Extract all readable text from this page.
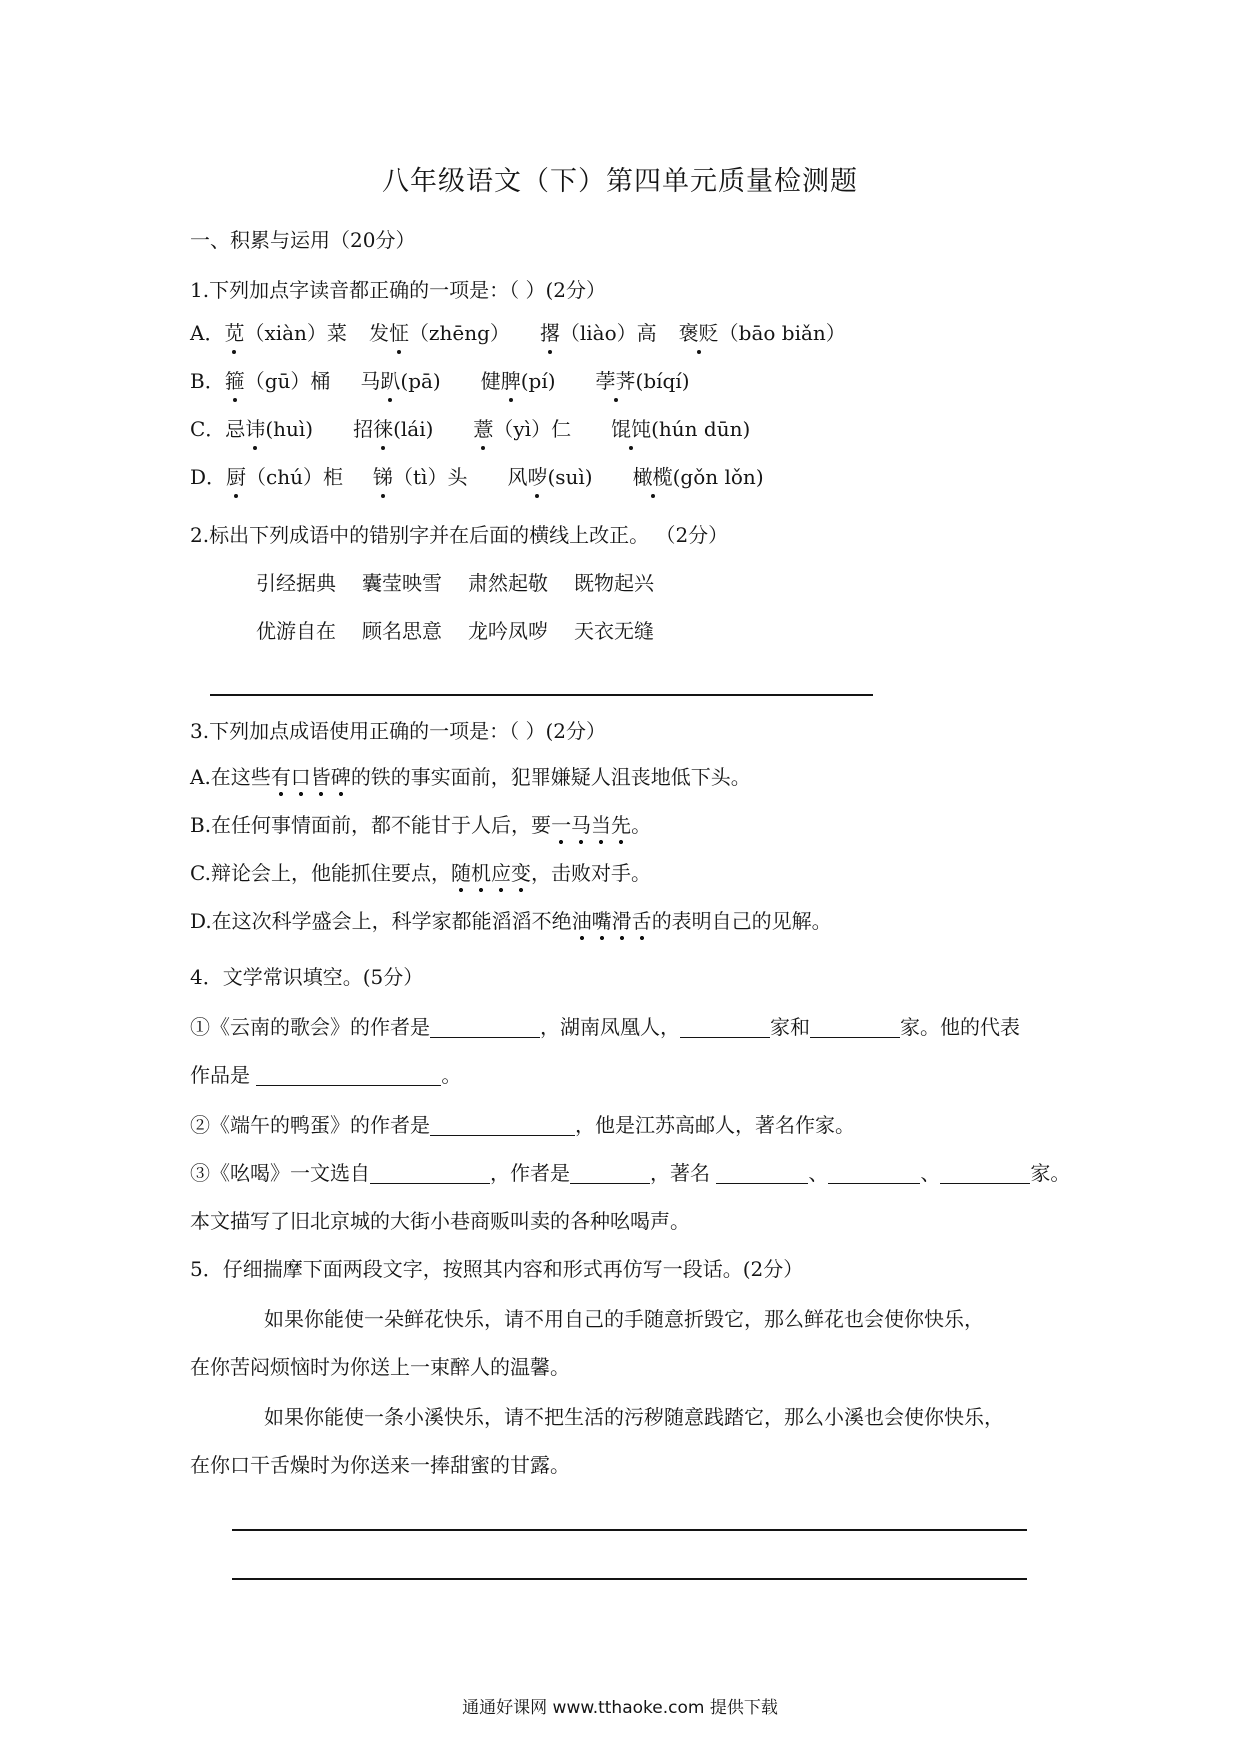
八年级语文（下）第四单元质量检测题
一、积累与运用（20分）
1.下列加点字读音都正确的一项是：（ ）(2分）
A．苋（xiàn）菜 发怔（zhēng） 撂（liào）高 褒贬（bāo biǎn）
B．箍（gū）桶 马趴(pā) 健脾(pí) 荸荠(bíqí)
C．忌讳(huì) 招徕(lái) 薏（yì）仁 馄饨(hún dūn)
D．厨（chú）柜 锑（tì）头 风哕(suì) 橄榄(gǒn lǒn)
2.标出下列成语中的错别字并在后面的横线上改正。 （2分）
引经据典 囊莹映雪 肃然起敬 既物起兴
优游自在 顾名思意 龙吟凤哕 天衣无缝
3.下列加点成语使用正确的一项是：（ ）(2分）
A.在这些有口皆碑的铁的事实面前，犯罪嫌疑人沮丧地低下头。
B.在任何事情面前，都不能甘于人后，要一马当先。
C.辩论会上，他能抓住要点，随机应变，击败对手。
D.在这次科学盛会上，科学家都能滔滔不绝油嘴滑舌的表明自己的见解。
4．文学常识填空。(5分）
①《云南的歌会》的作者是	，湖南凤凰人，	家和	家。他的代表
作品是	。
②《端午的鸭蛋》的作者是	，他是江苏高邮人，著名作家。
③《吆喝》一文选自	，作者是	，著名	、	、	家。
本文描写了旧北京城的大街小巷商贩叫卖的各种吆喝声。
5．仔细揣摩下面两段文字，按照其内容和形式再仿写一段话。(2分）
如果你能使一朵鲜花快乐，请不用自己的手随意折毁它，那么鲜花也会使你快乐，
在你苦闷烦恼时为你送上一束醉人的温馨。
如果你能使一条小溪快乐，请不把生活的污秽随意践踏它，那么小溪也会使你快乐，
在你口干舌燥时为你送来一捧甜蜜的甘露。
通通好课网 www.tthaoke.com 提供下载
